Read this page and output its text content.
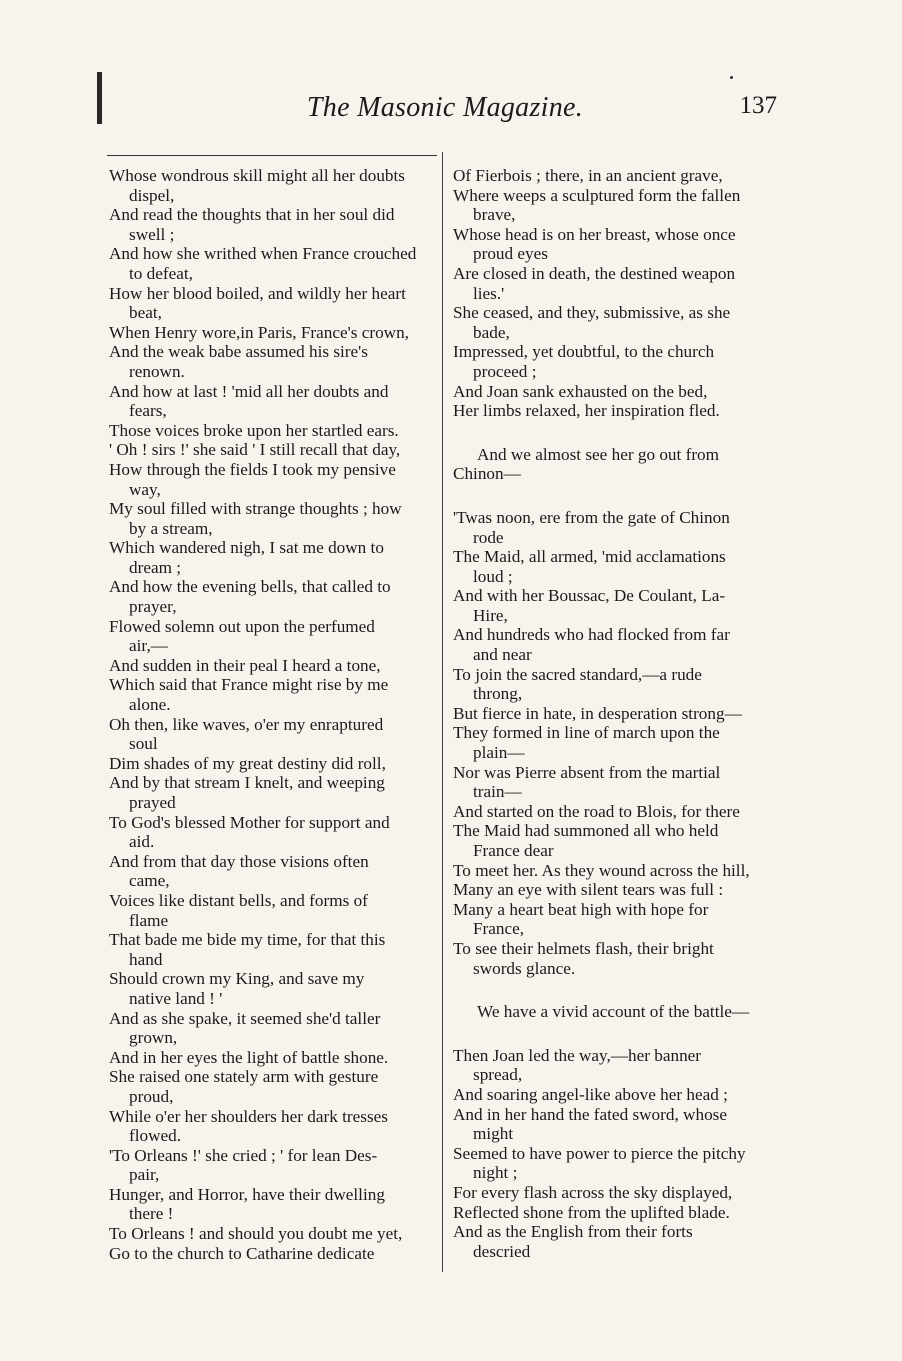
The Masonic Magazine.	137
Whose wondrous skill might all her doubts
dispel,
And read the thoughts that in her soul did
swell ;
And how she writhed when France crouched
to defeat,
How her blood boiled, and wildly her heart
beat,
When Henry wore,in Paris, France's crown,
And the weak babe assumed his sire's
renown.
And how at last ! 'mid all her doubts and
fears,
Those voices broke upon her startled ears.
' Oh ! sirs !' she said ' I still recall that day,
How through the fields I took my pensive
way,
My soul filled with strange thoughts ; how
by a stream,
Which wandered nigh, I sat me down to
dream ;
And how the evening bells, that called to
prayer,
Flowed solemn out upon the perfumed
air,—
And sudden in their peal I heard a tone,
Which said that France might rise by me
alone.
Oh then, like waves, o'er my enraptured
soul
Dim shades of my great destiny did roll,
And by that stream I knelt, and weeping
prayed
To God's blessed Mother for support and
aid.
And from that day those visions often
came,
Voices like distant bells, and forms of
flame
That bade me bide my time, for that this
hand
Should crown my King, and save my
native land ! '
And as she spake, it seemed she'd taller
grown,
And in her eyes the light of battle shone.
She raised one stately arm with gesture
proud,
While o'er her shoulders her dark tresses
flowed.
'To Orleans !' she cried ; ' for lean Des-
pair,
Hunger, and Horror, have their dwelling
there !
To Orleans ! and should you doubt me yet,
Go to the church to Catharine dedicate
Of Fierbois ; there, in an ancient grave,
Where weeps a sculptured form the fallen
brave,
Whose head is on her breast, whose once
proud eyes
Are closed in death, the destined weapon
lies.'
She ceased, and they, submissive, as she
bade,
Impressed, yet doubtful, to the church
proceed ;
And Joan sank exhausted on the bed,
Her limbs relaxed, her inspiration fled.
And we almost see her go out from
Chinon—
'Twas noon, ere from the gate of Chinon
rode
The Maid, all armed, 'mid acclamations
loud ;
And with her Boussac, De Coulant, La-
Hire,
And hundreds who had flocked from far
and near
To join the sacred standard,—a rude
throng,
But fierce in hate, in desperation strong—
They formed in line of march upon the
plain—
Nor was Pierre absent from the martial
train—
And started on the road to Blois, for there
The Maid had summoned all who held
France dear
To meet her. As they wound across the hill,
Many an eye with silent tears was full :
Many a heart beat high with hope for
France,
To see their helmets flash, their bright
swords glance.
We have a vivid account of the battle—
Then Joan led the way,—her banner
spread,
And soaring angel-like above her head ;
And in her hand the fated sword, whose
might
Seemed to have power to pierce the pitchy
night ;
For every flash across the sky displayed,
Reflected shone from the uplifted blade.
And as the English from their forts
descried
